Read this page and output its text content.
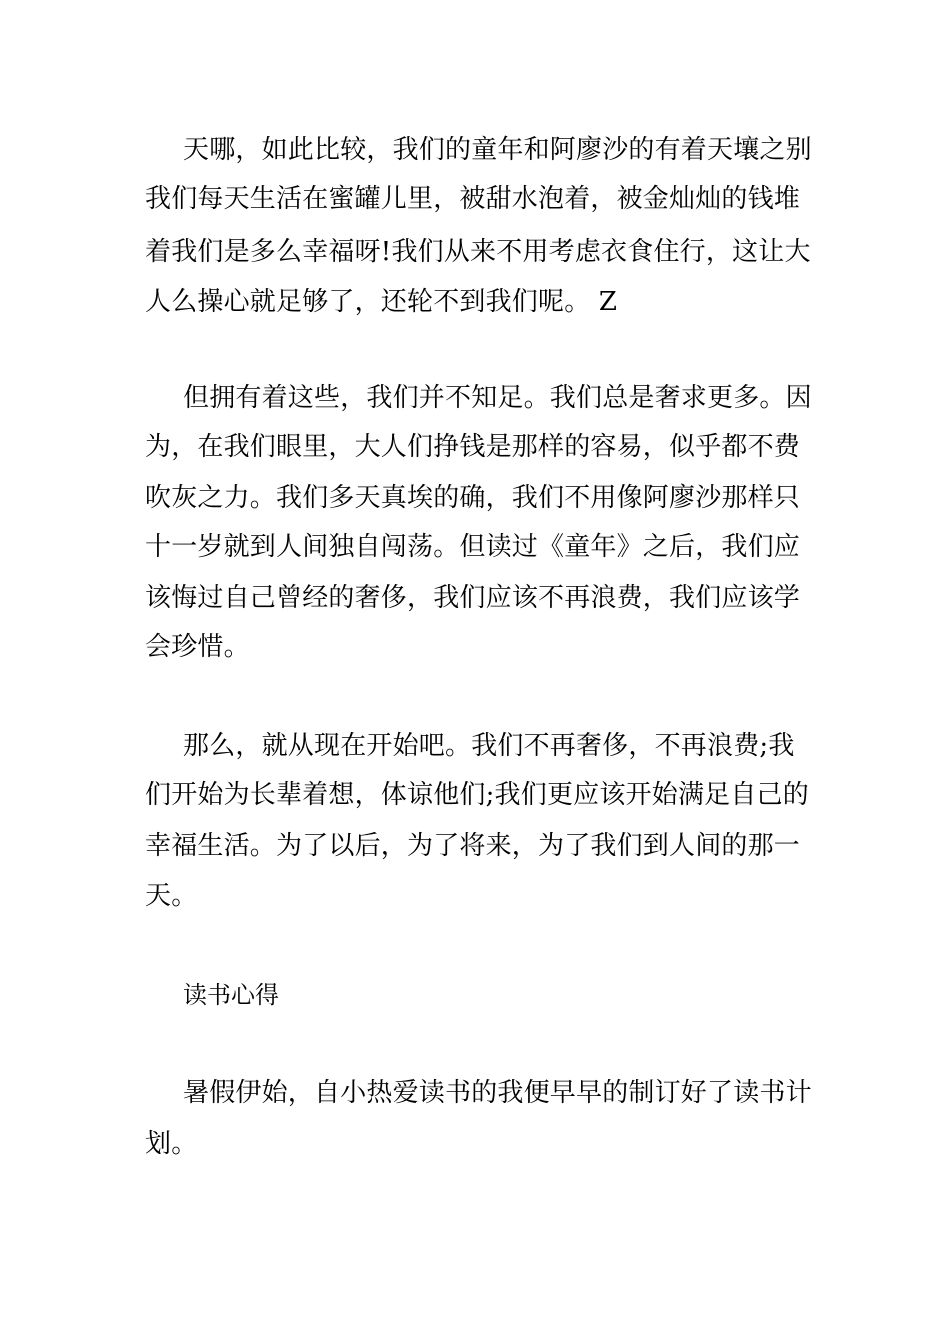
天哪，如此比较，我们的童年和阿廖沙的有着天壤之别
我们每天生活在蜜罐儿里，被甜水泡着，被金灿灿的钱堆
着我们是多么幸福呀!我们从来不用考虑衣食住行，这让大
人么操心就足够了，还轮不到我们呢。 Z
但拥有着这些，我们并不知足。我们总是奢求更多。因
为，在我们眼里，大人们挣钱是那样的容易，似乎都不费
吹灰之力。我们多天真埃的确，我们不用像阿廖沙那样只
十一岁就到人间独自闯荡。但读过《童年》之后，我们应
该悔过自己曾经的奢侈，我们应该不再浪费，我们应该学
会珍惜。
那么，就从现在开始吧。我们不再奢侈，不再浪费;我
们开始为长辈着想，体谅他们;我们更应该开始满足自己的
幸福生活。为了以后，为了将来，为了我们到人间的那一
天。
读书心得
暑假伊始，自小热爱读书的我便早早的制订好了读书计
划。
